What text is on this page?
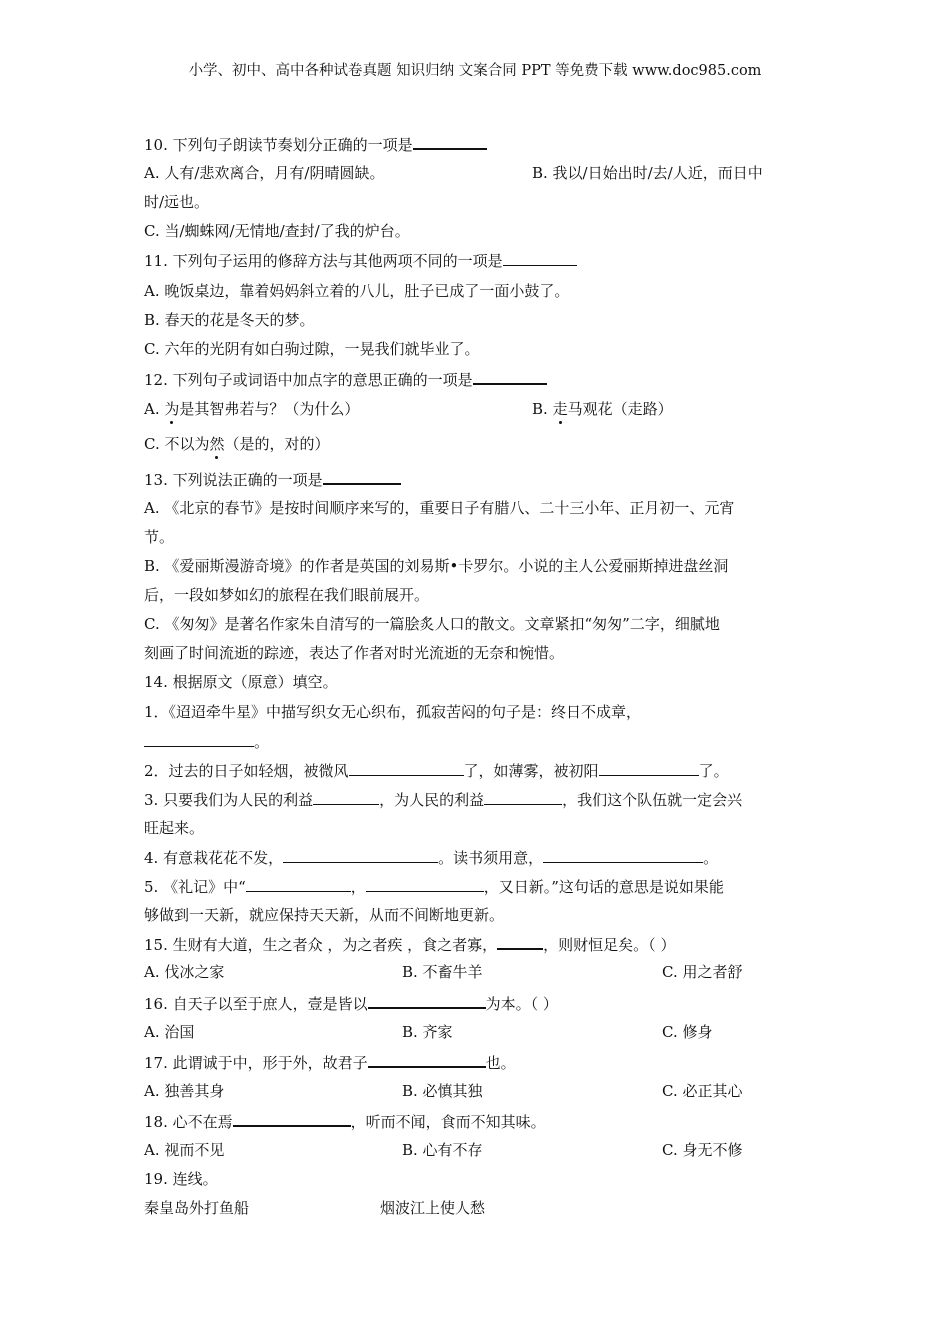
小学、初中、高中各种试卷真题 知识归纳 文案合同 PPT 等免费下载 www.doc985.com
10. 下列句子朗读节奏划分正确的一项是
A. 人有/悲欢离合，月有/阴晴圆缺。	B. 我以/日始出时/去/人近，而日中
时/远也。
C. 当/蜘蛛网/无情地/查封/了我的炉台。
11. 下列句子运用的修辞方法与其他两项不同的一项是
A. 晚饭桌边，靠着妈妈斜立着的八儿，肚子已成了一面小鼓了。
B. 春天的花是冬天的梦。
C. 六年的光阴有如白驹过隙，一晃我们就毕业了。
12. 下列句子或词语中加点字的意思正确的一项是
A. 为是其智弗若与？（为什么）	B. 走马观花（走路）
C. 不以为然（是的，对的）
13. 下列说法正确的一项是
A. 《北京的春节》是按时间顺序来写的，重要日子有腊八、二十三小年、正月初一、元宵
节。
B. 《爱丽斯漫游奇境》的作者是英国的刘易斯•卡罗尔。小说的主人公爱丽斯掉进盘丝洞
后，一段如梦如幻的旅程在我们眼前展开。
C. 《匆匆》是著名作家朱自清写的一篇脍炙人口的散文。文章紧扣“匆匆”二字，细腻地
刻画了时间流逝的踪迹，表达了作者对时光流逝的无奈和惋惜。
14. 根据原文（原意）填空。
1．《迢迢牵牛星》中描写织女无心织布，孤寂苦闷的句子是：终日不成章，
。
2．过去的日子如轻烟，被微风	了，如薄雾，被初阳	了。
3. 只要我们为人民的利益	，为人民的利益	，我们这个队伍就一定会兴
旺起来。
4. 有意栽花花不发，	。读书须用意，	。
5. 《礼记》中“	，	，又日新。”这句话的意思是说如果能
够做到一天新，就应保持天天新，从而不间断地更新。
15. 生财有大道，生之者众 ，为之者疾 ，食之者寡，	，则财恒足矣。（ ）
A. 伐冰之家	B. 不畜牛羊	C. 用之者舒
16. 自天子以至于庶人，壹是皆以	为本。（ ）
A. 治国	B. 齐家	C. 修身
17. 此谓诚于中，形于外，故君子	也。
A. 独善其身	B. 必慎其独	C. 必正其心
18. 心不在焉	，听而不闻，食而不知其味。
A. 视而不见	B. 心有不存	C. 身无不修
19. 连线。
秦皇岛外打鱼船	烟波江上使人愁
